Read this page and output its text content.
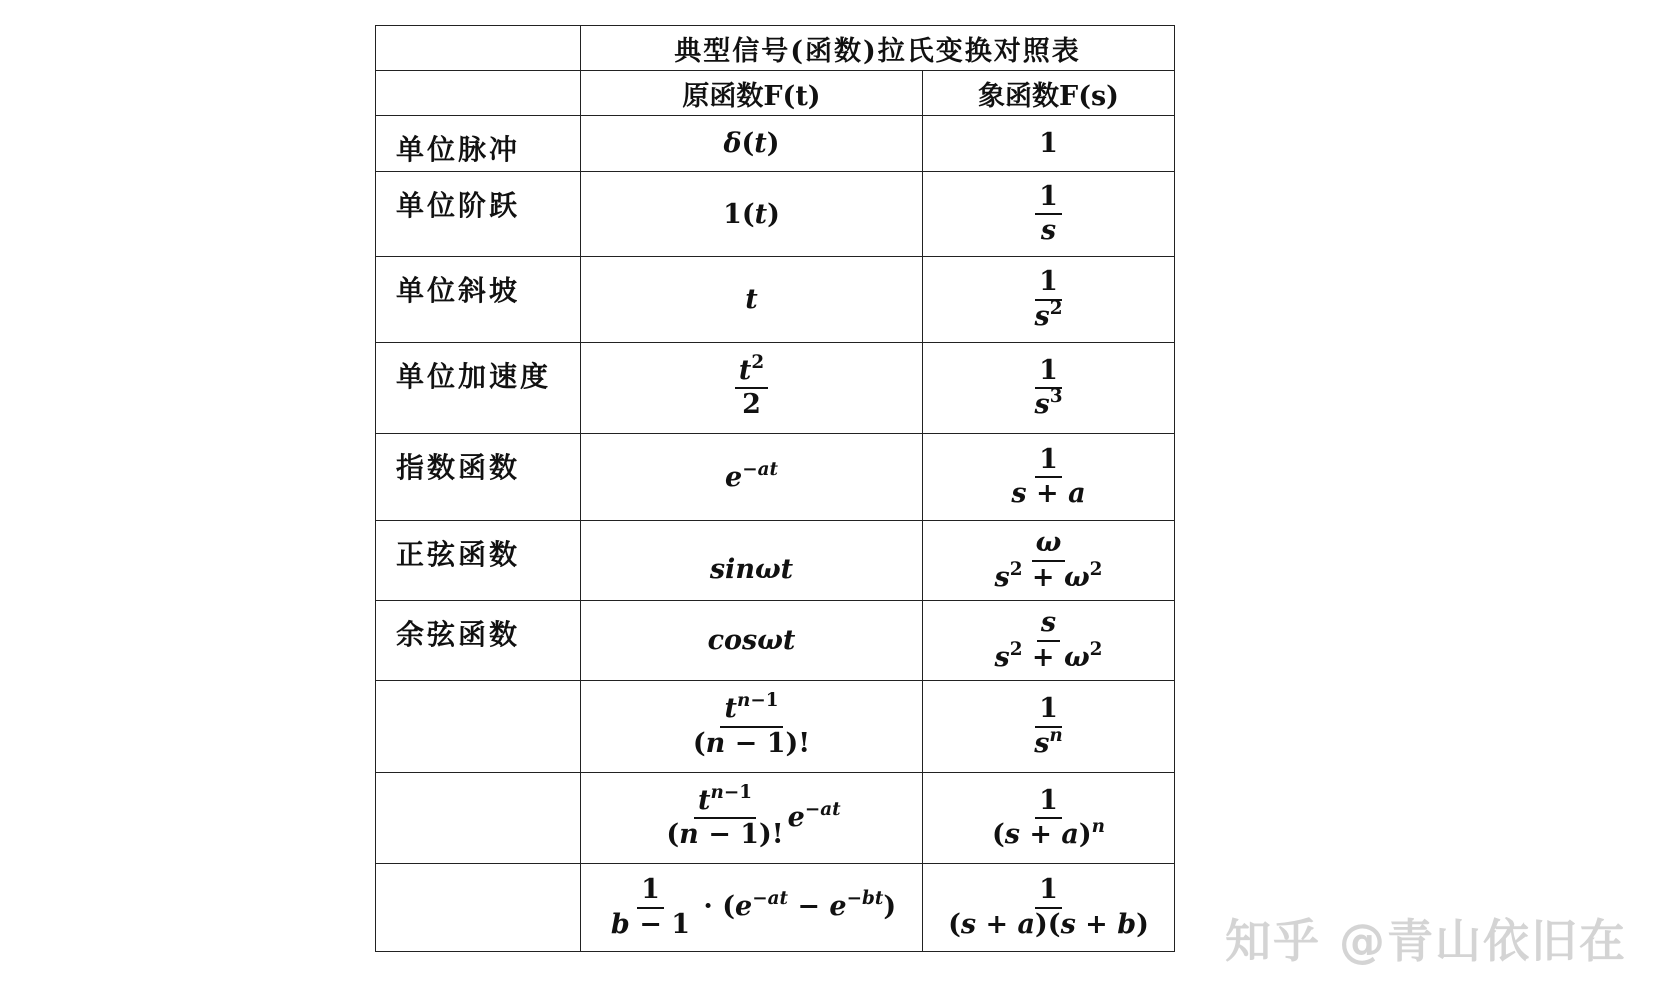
	典型信号(函数)拉氏变换对照表	
	原函数F(t)	象函数F(s)
单位脉冲	δ(t)	1
单位阶跃	1(t)	$\frac{1}{s}$

单位斜坡	t	$\frac{1}{s^2}$

单位加速度	$\frac{t^2}{2}$	$\frac{1}{s^3}$

指数函数	$e^{-at}$	$\frac{1}{s + a}$

正弦函数	sinωt	$\frac{\omega}{s^2 + \omega^2}$

余弦函数	cosωt	$\frac{s}{s^2 + \omega^2}$

	$\frac{t^{n-1}}{(n - 1)!}$	$\frac{1}{s^n}$

	$\frac{t^{n-1}}{(n - 1)!} e^{-at}$	$\frac{1}{(s + a)^n}$

	$\frac{1}{b - 1} \cdot (e^{-at} - e^{-bt})$	$\frac{1}{(s + a)(s + b)}$
知乎 @青山依旧在
